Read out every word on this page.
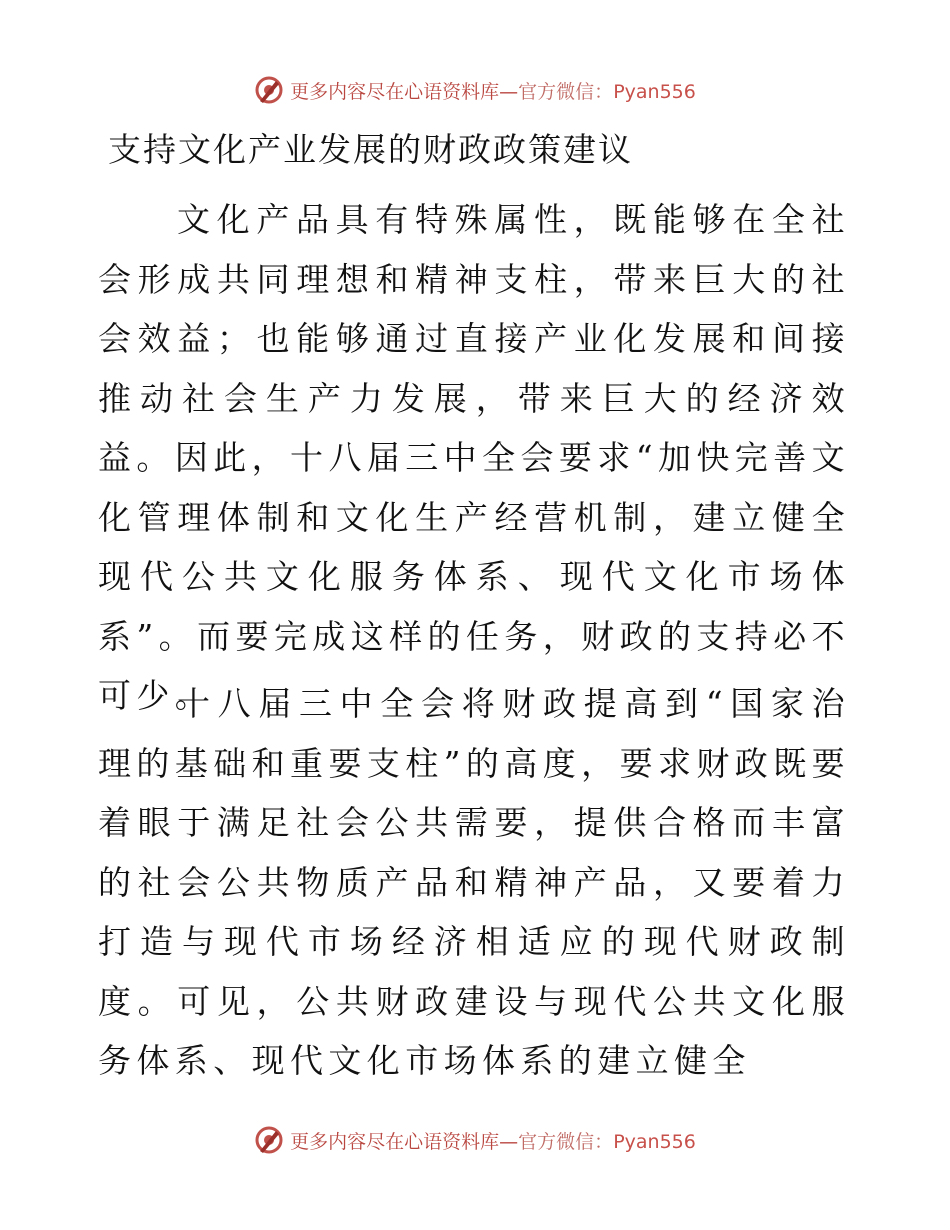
更多内容尽在心语资料库—官方微信：Pyan556
支持文化产业发展的财政政策建议

文化产品具有特殊属性，既能够在全社会形成共同理想和精神支柱，带来巨大的社会效益；也能够通过直接产业化发展和间接推动社会生产力发展，带来巨大的经济效益。因此，十八届三中全会要求“加快完善文化管理体制和文化生产经营机制，建立健全现代公共文化服务体系、现代文化市场体系”。而要完成这样的任务，财政的支持必不可少。

十八届三中全会将财政提高到“国家治理的基础和重要支柱”的高度，要求财政既要着眼于满足社会公共需要，提供合格而丰富的社会公共物质产品和精神产品，又要着力打造与现代市场经济相适应的现代财政制度。可见，公共财政建设与现代公共文化服务体系、现代文化市场体系的建立健全

更多内容尽在心语资料库—官方微信：Pyan556
